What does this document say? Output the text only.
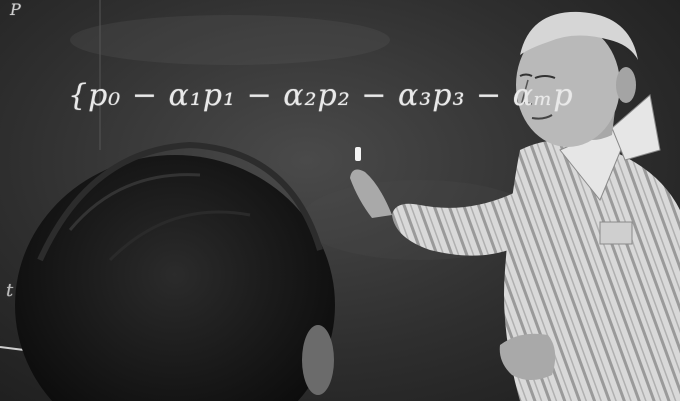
P
{p₀ − α₁p₁ − α₂p₂ − α₃p₃ − αₘp
t
